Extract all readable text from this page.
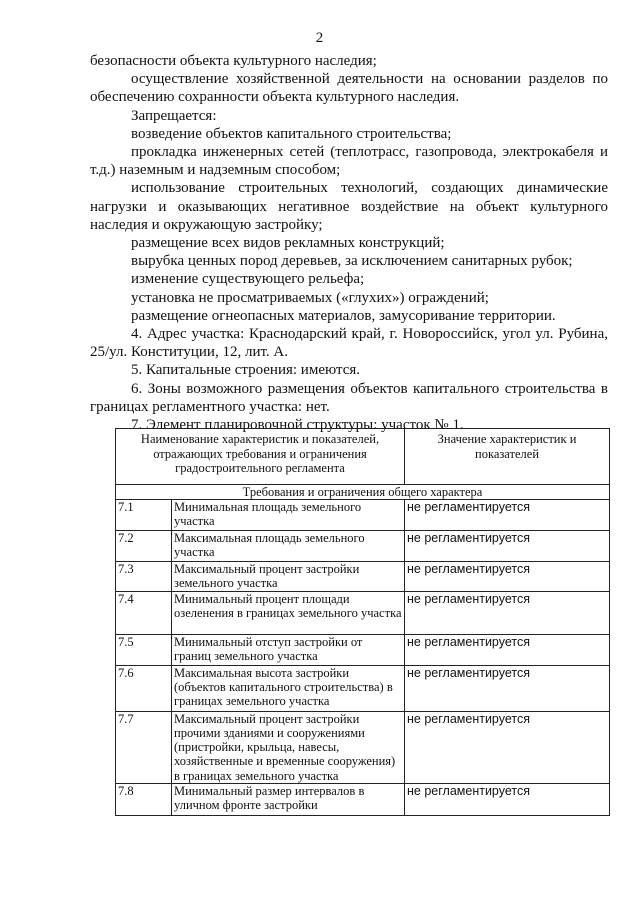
2

безопасности объекта культурного наследия;

осуществление хозяйственной деятельности на основании разделов по обеспечению сохранности объекта культурного наследия.

Запрещается:

возведение объектов капитального строительства;

прокладка инженерных сетей (теплотрасс, газопровода, электрокабеля и т.д.) наземным и надземным способом;

использование строительных технологий, создающих динамические нагрузки и оказывающих негативное воздействие на объект культурного наследия и окружающую застройку;

размещение всех видов рекламных конструкций;

вырубка ценных пород деревьев, за исключением санитарных рубок;

изменение существующего рельефа;

установка не просматриваемых («глухих») ограждений;

размещение огнеопасных материалов, замусоривание территории.

4. Адрес участка: Краснодарский край, г. Новороссийск, угол ул. Рубина, 25/ул. Конституции, 12, лит. А.

5. Капитальные строения: имеются.

6. Зоны возможного размещения объектов капитального строительства в границах регламентного участка: нет.

7. Элемент планировочной структуры: участок № 1.

Наименование характеристик и показателей, отражающих требования и ограничения градостроительного регламента		Значение характеристик и показателей
Требования и ограничения общего характера		
7.1	Минимальная площадь земельного участка	не регламентируется
7.2	Максимальная площадь земельного участка	не регламентируется
7.3	Максимальный процент застройки земельного участка	не регламентируется
7.4	Минимальный процент площади озеленения в границах земельного участка	не регламентируется
7.5	Минимальный отступ застройки от границ земельного участка	не регламентируется
7.6	Максимальная высота застройки (объектов капитального строительства) в границах земельного участка	не регламентируется
7.7	Максимальный процент застройки прочими зданиями и сооружениями (пристройки, крыльца, навесы, хозяйственные и временные сооружения) в границах земельного участка	не регламентируется
7.8	Минимальный размер интервалов в уличном фронте застройки	не регламентируется
